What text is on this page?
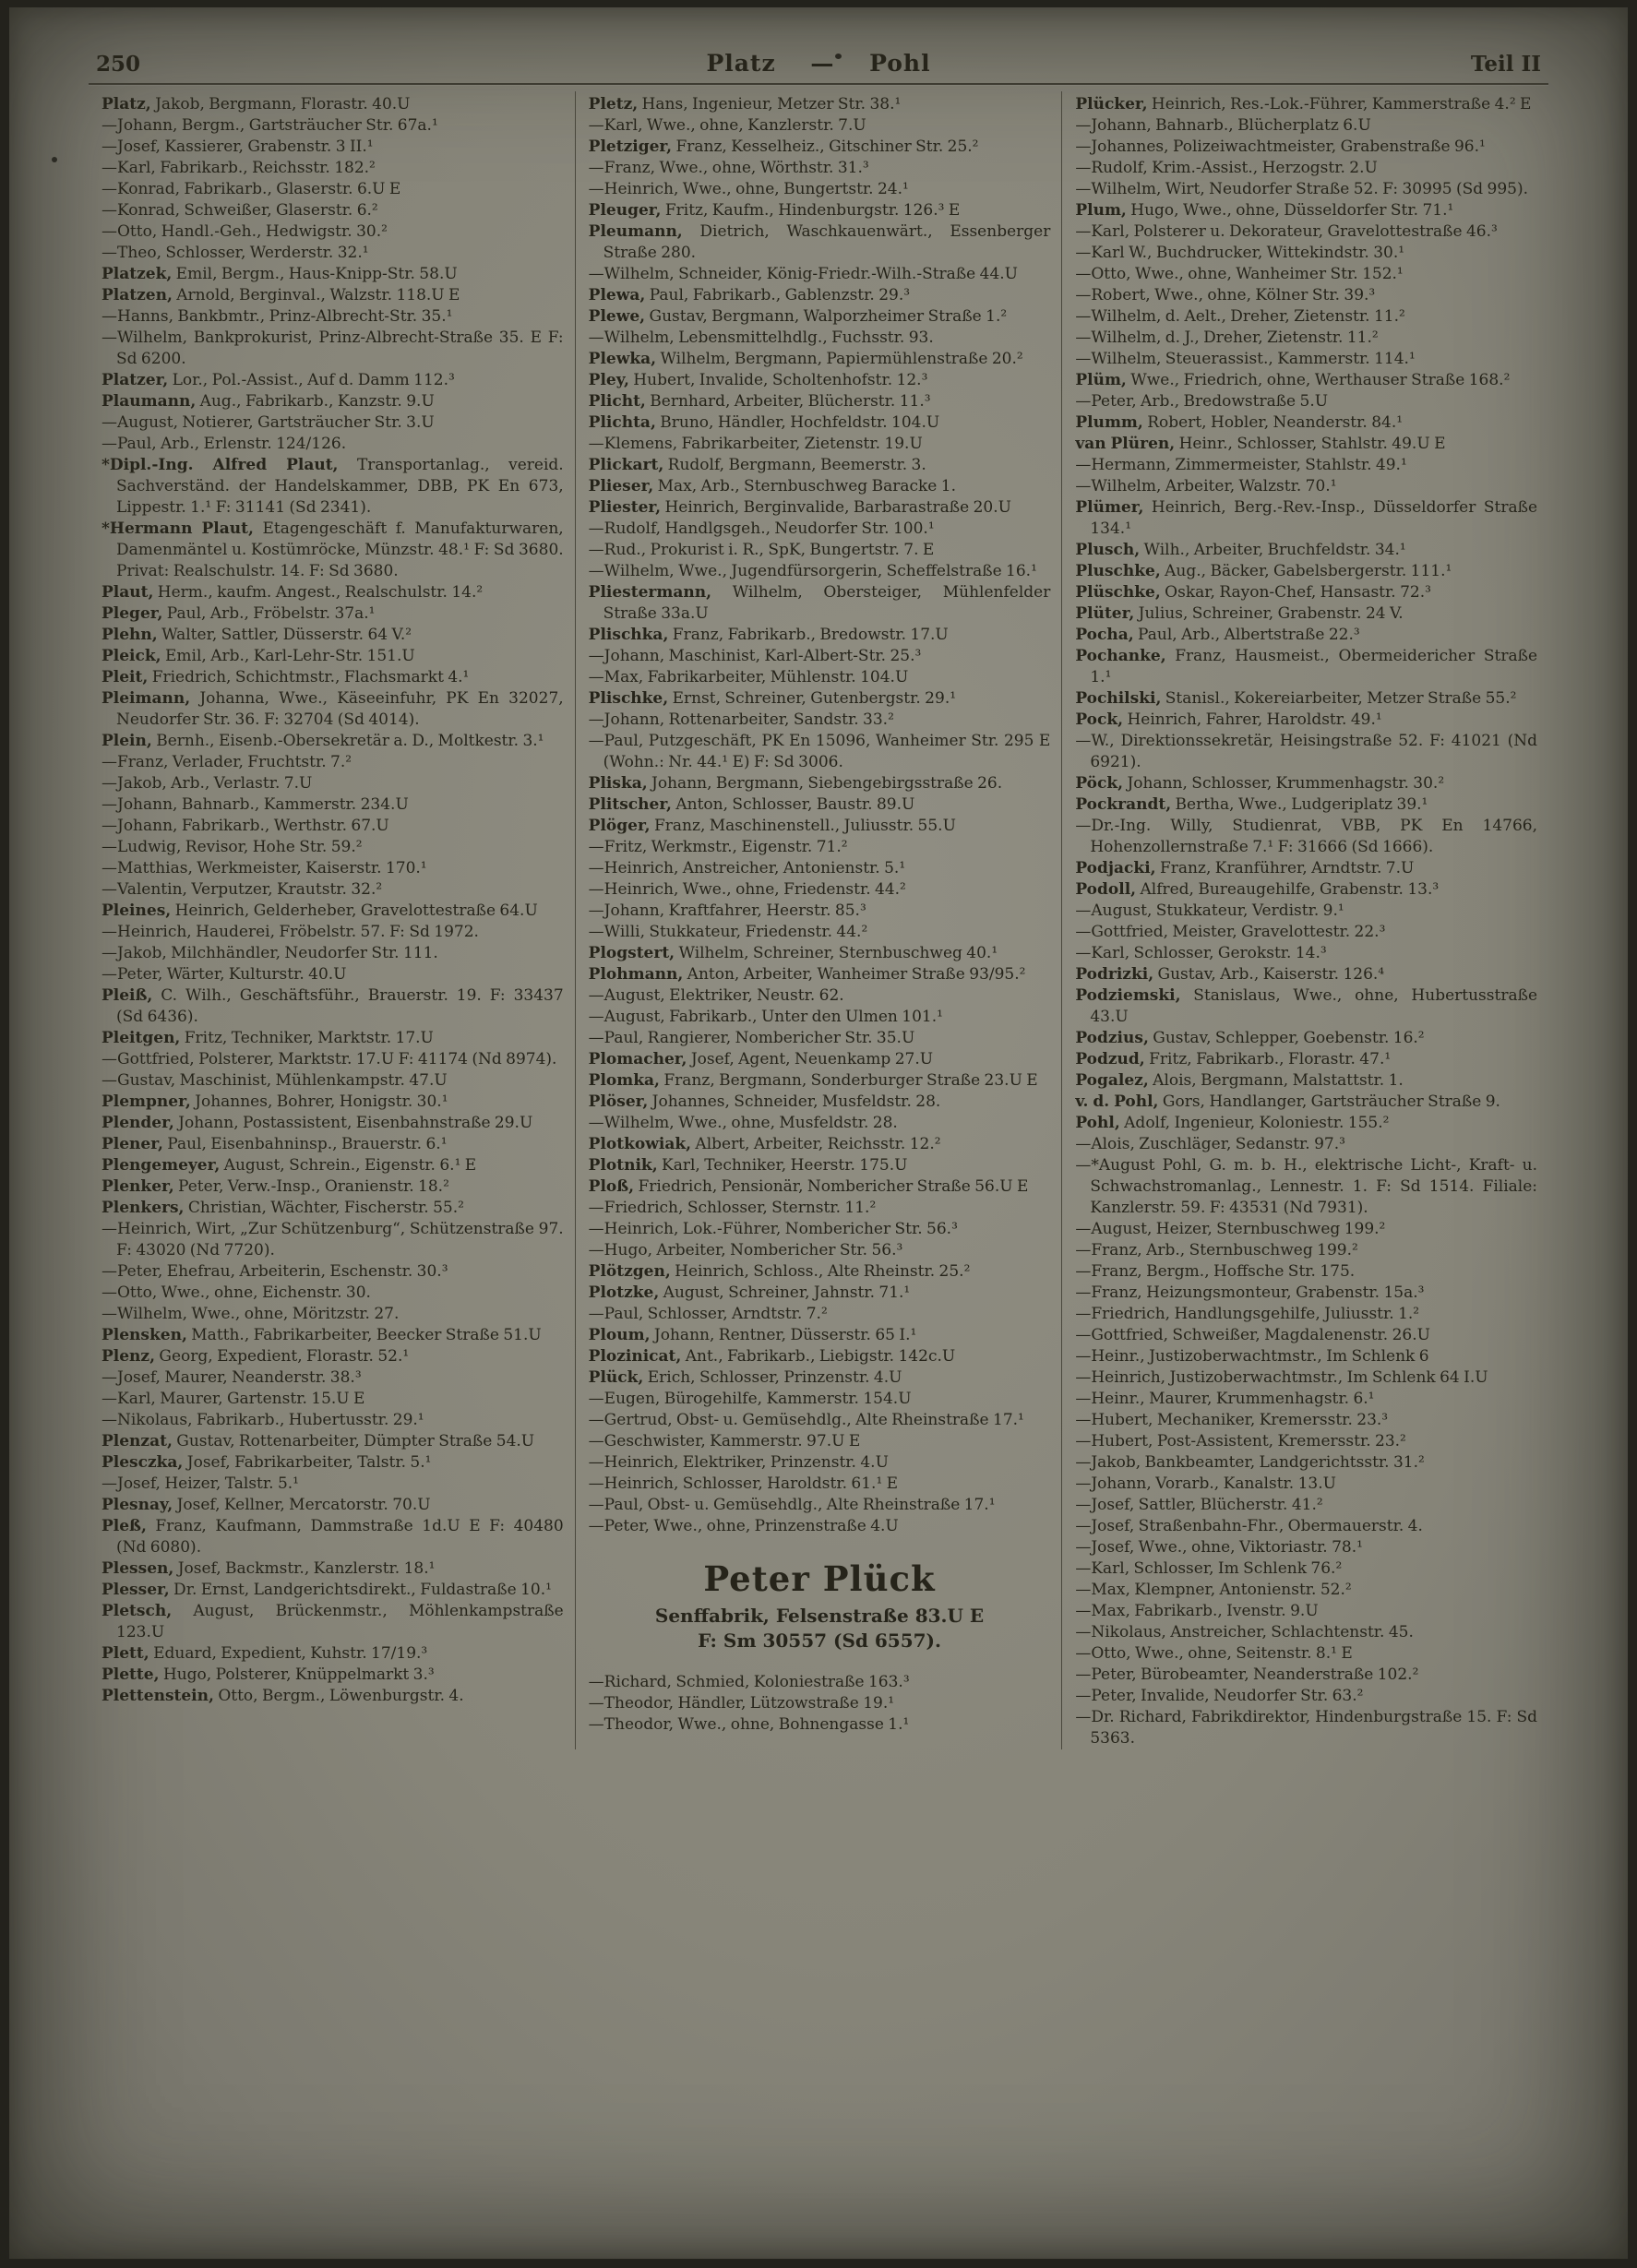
250	Platz — Pohl	Teil II
Platz, Jakob, Bergmann, Florastr. 40.U
—Johann, Bergm., Gartsträucher Str. 67a.¹
—Josef, Kassierer, Grabenstr. 3 II.¹
—Karl, Fabrikarb., Reichsstr. 182.²
—Konrad, Fabrikarb., Glaserstr. 6.U E
—Konrad, Schweißer, Glaserstr. 6.²
—Otto, Handl.-Geh., Hedwigstr. 30.²
—Theo, Schlosser, Werderstr. 32.¹
Platzek, Emil, Bergm., Haus-Knipp-Str. 58.U
Platzen, Arnold, Berginval., Walzstr. 118.U E
—Hanns, Bankbmtr., Prinz-Albrecht-Str. 35.¹
—Wilhelm, Bankprokurist, Prinz-Albrecht-Straße 35. E F: Sd 6200.
Platzer, Lor., Pol.-Assist., Auf d. Damm 112.³
Plaumann, Aug., Fabrikarb., Kanzstr. 9.U
—August, Notierer, Gartsträucher Str. 3.U
—Paul, Arb., Erlenstr. 124/126.
*Dipl.-Ing. Alfred Plaut, Transportanlag., vereid. Sachverständ. der Handelskammer, DBB, PK En 673, Lippestr. 1.¹ F: 31141 (Sd 2341).
*Hermann Plaut, Etagengeschäft f. Manufakturwaren, Damenmäntel u. Kostümröcke, Münzstr. 48.¹ F: Sd 3680. Privat: Realschulstr. 14. F: Sd 3680.
Plaut, Herm., kaufm. Angest., Realschulstr. 14.²
Pleger, Paul, Arb., Fröbelstr. 37a.¹
Plehn, Walter, Sattler, Düsserstr. 64 V.²
Pleick, Emil, Arb., Karl-Lehr-Str. 151.U
Pleit, Friedrich, Schichtmstr., Flachsmarkt 4.¹
Pleimann, Johanna, Wwe., Käseeinfuhr, PK En 32027, Neudorfer Str. 36. F: 32704 (Sd 4014).
Plein, Bernh., Eisenb.-Obersekretär a. D., Moltkestr. 3.¹
—Franz, Verlader, Fruchtstr. 7.²
—Jakob, Arb., Verlastr. 7.U
—Johann, Bahnarb., Kammerstr. 234.U
—Johann, Fabrikarb., Werthstr. 67.U
—Ludwig, Revisor, Hohe Str. 59.²
—Matthias, Werkmeister, Kaiserstr. 170.¹
—Valentin, Verputzer, Krautstr. 32.²
Pleines, Heinrich, Gelderheber, Gravelottestraße 64.U
—Heinrich, Hauderei, Fröbelstr. 57. F: Sd 1972.
—Jakob, Milchhändler, Neudorfer Str. 111.
—Peter, Wärter, Kulturstr. 40.U
Pleiß, C. Wilh., Geschäftsführ., Brauerstr. 19. F: 33437 (Sd 6436).
Pleitgen, Fritz, Techniker, Marktstr. 17.U
—Gottfried, Polsterer, Marktstr. 17.U F: 41174 (Nd 8974).
—Gustav, Maschinist, Mühlenkampstr. 47.U
Plempner, Johannes, Bohrer, Honigstr. 30.¹
Plender, Johann, Postassistent, Eisenbahnstraße 29.U
Plener, Paul, Eisenbahninsp., Brauerstr. 6.¹
Plengemeyer, August, Schrein., Eigenstr. 6.¹ E
Plenker, Peter, Verw.-Insp., Oranienstr. 18.²
Plenkers, Christian, Wächter, Fischerstr. 55.²
—Heinrich, Wirt, „Zur Schützenburg“, Schützenstraße 97. F: 43020 (Nd 7720).
—Peter, Ehefrau, Arbeiterin, Eschenstr. 30.³
—Otto, Wwe., ohne, Eichenstr. 30.
—Wilhelm, Wwe., ohne, Möritzstr. 27.
Plensken, Matth., Fabrikarbeiter, Beecker Straße 51.U
Plenz, Georg, Expedient, Florastr. 52.¹
—Josef, Maurer, Neanderstr. 38.³
—Karl, Maurer, Gartenstr. 15.U E
—Nikolaus, Fabrikarb., Hubertusstr. 29.¹
Plenzat, Gustav, Rottenarbeiter, Dümpter Straße 54.U
Plesczka, Josef, Fabrikarbeiter, Talstr. 5.¹
—Josef, Heizer, Talstr. 5.¹
Plesnay, Josef, Kellner, Mercatorstr. 70.U
Pleß, Franz, Kaufmann, Dammstraße 1d.U E F: 40480 (Nd 6080).
Plessen, Josef, Backmstr., Kanzlerstr. 18.¹
Plesser, Dr. Ernst, Landgerichtsdirekt., Fuldastraße 10.¹
Pletsch, August, Brückenmstr., Möhlenkampstraße 123.U
Plett, Eduard, Expedient, Kuhstr. 17/19.³
Plette, Hugo, Polsterer, Knüppelmarkt 3.³
Plettenstein, Otto, Bergm., Löwenburgstr. 4.
Pletz, Hans, Ingenieur, Metzer Str. 38.¹
—Karl, Wwe., ohne, Kanzlerstr. 7.U
Pletziger, Franz, Kesselheiz., Gitschiner Str. 25.²
—Franz, Wwe., ohne, Wörthstr. 31.³
—Heinrich, Wwe., ohne, Bungertstr. 24.¹
Pleuger, Fritz, Kaufm., Hindenburgstr. 126.³ E
Pleumann, Dietrich, Waschkauenwärt., Essenberger Straße 280.
—Wilhelm, Schneider, König-Friedr.-Wilh.-Straße 44.U
Plewa, Paul, Fabrikarb., Gablenzstr. 29.³
Plewe, Gustav, Bergmann, Walporzheimer Straße 1.²
—Wilhelm, Lebensmittelhdlg., Fuchsstr. 93.
Plewka, Wilhelm, Bergmann, Papiermühlenstraße 20.²
Pley, Hubert, Invalide, Scholtenhofstr. 12.³
Plicht, Bernhard, Arbeiter, Blücherstr. 11.³
Plichta, Bruno, Händler, Hochfeldstr. 104.U
—Klemens, Fabrikarbeiter, Zietenstr. 19.U
Plickart, Rudolf, Bergmann, Beemerstr. 3.
Plieser, Max, Arb., Sternbuschweg Baracke 1.
Pliester, Heinrich, Berginvalide, Barbarastraße 20.U
—Rudolf, Handlgsgeh., Neudorfer Str. 100.¹
—Rud., Prokurist i. R., SpK, Bungertstr. 7. E
—Wilhelm, Wwe., Jugendfürsorgerin, Scheffelstraße 16.¹
Pliestermann, Wilhelm, Obersteiger, Mühlenfelder Straße 33a.U
Plischka, Franz, Fabrikarb., Bredowstr. 17.U
—Johann, Maschinist, Karl-Albert-Str. 25.³
—Max, Fabrikarbeiter, Mühlenstr. 104.U
Plischke, Ernst, Schreiner, Gutenbergstr. 29.¹
—Johann, Rottenarbeiter, Sandstr. 33.²
—Paul, Putzgeschäft, PK En 15096, Wanheimer Str. 295 E (Wohn.: Nr. 44.¹ E) F: Sd 3006.
Pliska, Johann, Bergmann, Siebengebirgsstraße 26.
Plitscher, Anton, Schlosser, Baustr. 89.U
Plöger, Franz, Maschinenstell., Juliusstr. 55.U
—Fritz, Werkmstr., Eigenstr. 71.²
—Heinrich, Anstreicher, Antonienstr. 5.¹
—Heinrich, Wwe., ohne, Friedenstr. 44.²
—Johann, Kraftfahrer, Heerstr. 85.³
—Willi, Stukkateur, Friedenstr. 44.²
Plogstert, Wilhelm, Schreiner, Sternbuschweg 40.¹
Plohmann, Anton, Arbeiter, Wanheimer Straße 93/95.²
—August, Elektriker, Neustr. 62.
—August, Fabrikarb., Unter den Ulmen 101.¹
—Paul, Rangierer, Nombericher Str. 35.U
Plomacher, Josef, Agent, Neuenkamp 27.U
Plomka, Franz, Bergmann, Sonderburger Straße 23.U E
Plöser, Johannes, Schneider, Musfeldstr. 28.
—Wilhelm, Wwe., ohne, Musfeldstr. 28.
Plotkowiak, Albert, Arbeiter, Reichsstr. 12.²
Plotnik, Karl, Techniker, Heerstr. 175.U
Ploß, Friedrich, Pensionär, Nombericher Straße 56.U E
—Friedrich, Schlosser, Sternstr. 11.²
—Heinrich, Lok.-Führer, Nombericher Str. 56.³
—Hugo, Arbeiter, Nombericher Str. 56.³
Plötzgen, Heinrich, Schloss., Alte Rheinstr. 25.²
Plotzke, August, Schreiner, Jahnstr. 71.¹
—Paul, Schlosser, Arndtstr. 7.²
Ploum, Johann, Rentner, Düsserstr. 65 I.¹
Plozinicat, Ant., Fabrikarb., Liebigstr. 142c.U
Plück, Erich, Schlosser, Prinzenstr. 4.U
—Eugen, Bürogehilfe, Kammerstr. 154.U
—Gertrud, Obst- u. Gemüsehdlg., Alte Rheinstraße 17.¹
—Geschwister, Kammerstr. 97.U E
—Heinrich, Elektriker, Prinzenstr. 4.U
—Heinrich, Schlosser, Haroldstr. 61.¹ E
—Paul, Obst- u. Gemüsehdlg., Alte Rheinstraße 17.¹
—Peter, Wwe., ohne, Prinzenstraße 4.U
Peter Plück
Senffabrik, Felsenstraße 83.U E
F: Sm 30557 (Sd 6557).
—Richard, Schmied, Koloniestraße 163.³
—Theodor, Händler, Lützowstraße 19.¹
—Theodor, Wwe., ohne, Bohnengasse 1.¹
Plücker, Heinrich, Res.-Lok.-Führer, Kammerstraße 4.² E
—Johann, Bahnarb., Blücherplatz 6.U
—Johannes, Polizeiwachtmeister, Grabenstraße 96.¹
—Rudolf, Krim.-Assist., Herzogstr. 2.U
—Wilhelm, Wirt, Neudorfer Straße 52. F: 30995 (Sd 995).
Plum, Hugo, Wwe., ohne, Düsseldorfer Str. 71.¹
—Karl, Polsterer u. Dekorateur, Gravelottestraße 46.³
—Karl W., Buchdrucker, Wittekindstr. 30.¹
—Otto, Wwe., ohne, Wanheimer Str. 152.¹
—Robert, Wwe., ohne, Kölner Str. 39.³
—Wilhelm, d. Aelt., Dreher, Zietenstr. 11.²
—Wilhelm, d. J., Dreher, Zietenstr. 11.²
—Wilhelm, Steuerassist., Kammerstr. 114.¹
Plüm, Wwe., Friedrich, ohne, Werthauser Straße 168.²
—Peter, Arb., Bredowstraße 5.U
Plumm, Robert, Hobler, Neanderstr. 84.¹
van Plüren, Heinr., Schlosser, Stahlstr. 49.U E
—Hermann, Zimmermeister, Stahlstr. 49.¹
—Wilhelm, Arbeiter, Walzstr. 70.¹
Plümer, Heinrich, Berg.-Rev.-Insp., Düsseldorfer Straße 134.¹
Plusch, Wilh., Arbeiter, Bruchfeldstr. 34.¹
Pluschke, Aug., Bäcker, Gabelsbergerstr. 111.¹
Plüschke, Oskar, Rayon-Chef, Hansastr. 72.³
Plüter, Julius, Schreiner, Grabenstr. 24 V.
Pocha, Paul, Arb., Albertstraße 22.³
Pochanke, Franz, Hausmeist., Obermeidericher Straße 1.¹
Pochilski, Stanisl., Kokereiarbeiter, Metzer Straße 55.²
Pock, Heinrich, Fahrer, Haroldstr. 49.¹
—W., Direktionssekretär, Heisingstraße 52. F: 41021 (Nd 6921).
Pöck, Johann, Schlosser, Krummenhagstr. 30.²
Pockrandt, Bertha, Wwe., Ludgeriplatz 39.¹
—Dr.-Ing. Willy, Studienrat, VBB, PK En 14766, Hohenzollernstraße 7.¹ F: 31666 (Sd 1666).
Podjacki, Franz, Kranführer, Arndtstr. 7.U
Podoll, Alfred, Bureaugehilfe, Grabenstr. 13.³
—August, Stukkateur, Verdistr. 9.¹
—Gottfried, Meister, Gravelottestr. 22.³
—Karl, Schlosser, Gerokstr. 14.³
Podrizki, Gustav, Arb., Kaiserstr. 126.⁴
Podziemski, Stanislaus, Wwe., ohne, Hubertusstraße 43.U
Podzius, Gustav, Schlepper, Goebenstr. 16.²
Podzud, Fritz, Fabrikarb., Florastr. 47.¹
Pogalez, Alois, Bergmann, Malstattstr. 1.
v. d. Pohl, Gors, Handlanger, Gartsträucher Straße 9.
Pohl, Adolf, Ingenieur, Koloniestr. 155.²
—Alois, Zuschläger, Sedanstr. 97.³
—*August Pohl, G. m. b. H., elektrische Licht-, Kraft- u. Schwachstromanlag., Lennestr. 1. F: Sd 1514. Filiale: Kanzlerstr. 59. F: 43531 (Nd 7931).
—August, Heizer, Sternbuschweg 199.²
—Franz, Arb., Sternbuschweg 199.²
—Franz, Bergm., Hoffsche Str. 175.
—Franz, Heizungsmonteur, Grabenstr. 15a.³
—Friedrich, Handlungsgehilfe, Juliusstr. 1.²
—Gottfried, Schweißer, Magdalenenstr. 26.U
—Heinr., Justizoberwachtmstr., Im Schlenk 6
—Heinrich, Justizoberwachtmstr., Im Schlenk 64 I.U
—Heinr., Maurer, Krummenhagstr. 6.¹
—Hubert, Mechaniker, Kremersstr. 23.³
—Hubert, Post-Assistent, Kremersstr. 23.²
—Jakob, Bankbeamter, Landgerichtsstr. 31.²
—Johann, Vorarb., Kanalstr. 13.U
—Josef, Sattler, Blücherstr. 41.²
—Josef, Straßenbahn-Fhr., Obermauerstr. 4.
—Josef, Wwe., ohne, Viktoriastr. 78.¹
—Karl, Schlosser, Im Schlenk 76.²
—Max, Klempner, Antonienstr. 52.²
—Max, Fabrikarb., Ivenstr. 9.U
—Nikolaus, Anstreicher, Schlachtenstr. 45.
—Otto, Wwe., ohne, Seitenstr. 8.¹ E
—Peter, Bürobeamter, Neanderstraße 102.²
—Peter, Invalide, Neudorfer Str. 63.²
—Dr. Richard, Fabrikdirektor, Hindenburgstraße 15. F: Sd 5363.
